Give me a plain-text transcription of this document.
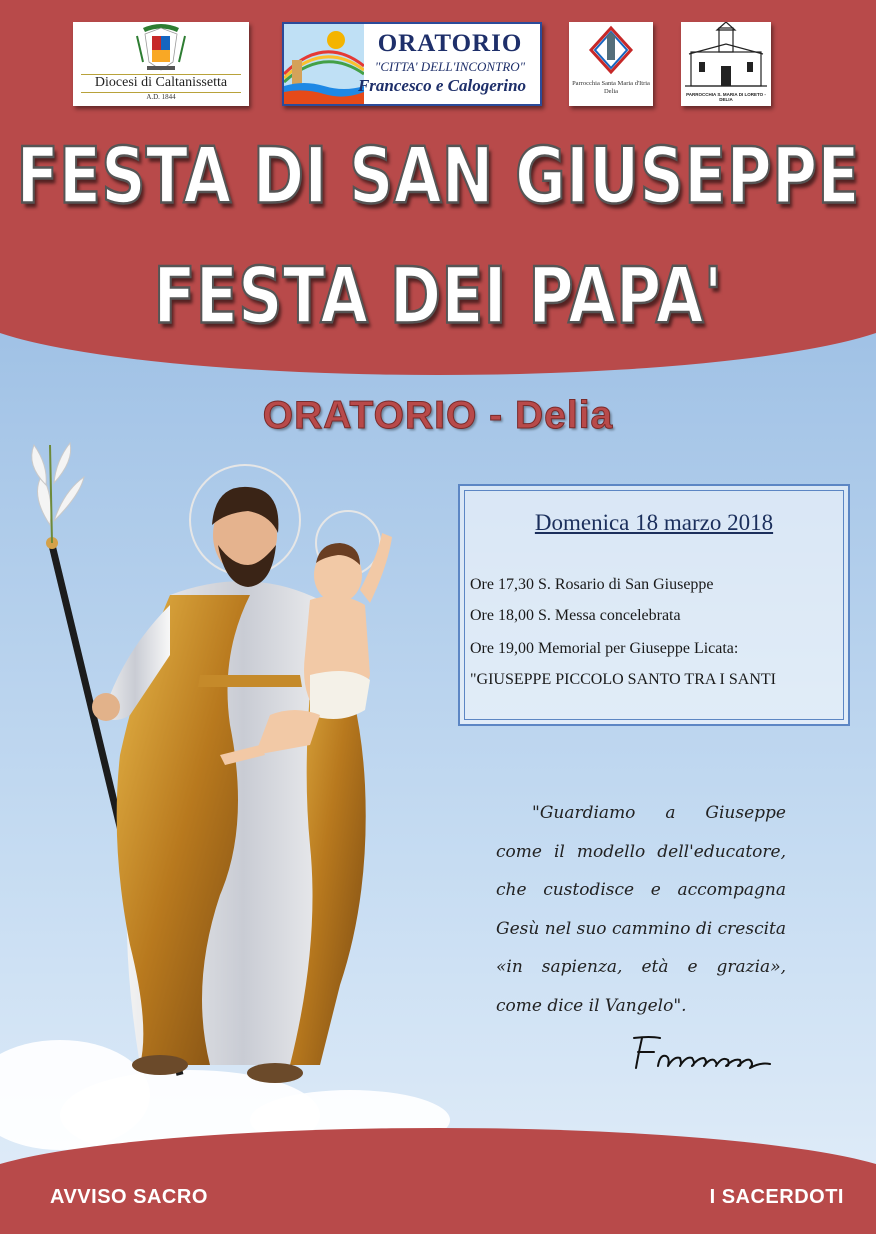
Diocesi di Caltanissetta
A.D. 1844
ORATORIO
"CITTA' DELL'INCONTRO"
Francesco e Calogerino	Parrocchia Santa Maria d'Itria Delia	PARROCCHIA S. MARIA DI LORETO - DELIA
FESTA DI SAN GIUSEPPE
FESTA DEI PAPA'
ORATORIO - Delia
Domenica 18 marzo 2018
Ore 17,30 S. Rosario di San Giuseppe
Ore 18,00 S. Messa concelebrata
Ore 19,00 Memorial per Giuseppe Licata:
"GIUSEPPE PICCOLO SANTO TRA I SANTI
"Guardiamo a Giuseppe
come il modello dell'educatore,
che custodisce e accompagna
Gesù nel suo cammino di crescita
«in sapienza, età e grazia»,
come dice il Vangelo".
AVVISO SACRO	I SACERDOTI
